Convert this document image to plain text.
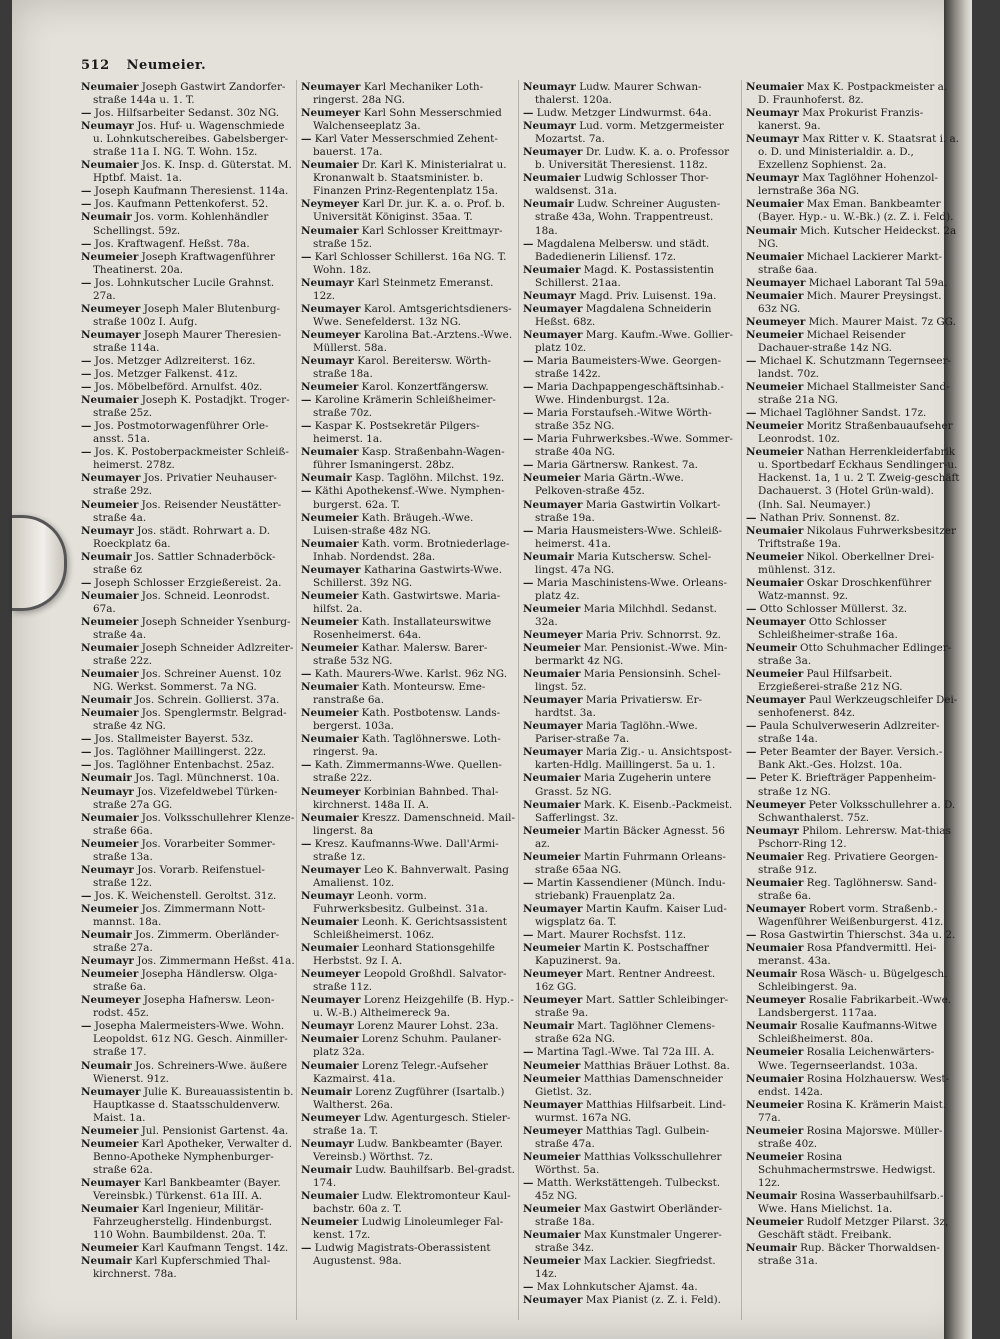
512 Neumeier.

Neumaier Joseph Gastwirt Zandorfer-straße 144a u. 1. T.

— Jos. Hilfsarbeiter Sedanst. 30z NG.

Neumayr Jos. Huf- u. Wagenschmiede u. Lohnkutschereibes. Gabelsberger-straße 11a I. NG. T. Wohn. 15z.

Neumaier Jos. K. Insp. d. Güterstat. M. Hptbf. Maist. 1a.

— Joseph Kaufmann Theresienst. 114a.

— Jos. Kaufmann Pettenkoferst. 52.

Neumair Jos. vorm. Kohlenhändler Schellingst. 59z.

— Jos. Kraftwagenf. Heßst. 78a.

Neumeier Joseph Kraftwagenführer Theatinerst. 20a.

— Jos. Lohnkutscher Lucile Grahnst. 27a.

Neumeyer Joseph Maler Blutenburg-straße 100z I. Aufg.

Neumayer Joseph Maurer Theresien-straße 114a.

— Jos. Metzger Adlzreiterst. 16z.

— Jos. Metzger Falkenst. 41z.

— Jos. Möbelbeförd. Arnulfst. 40z.

Neumaier Joseph K. Postadjkt. Troger-straße 25z.

— Jos. Postmotorwagenführer Orle-ansst. 51a.

— Jos. K. Postoberpackmeister Schleiß-heimerst. 278z.

Neumayer Jos. Privatier Neuhauser-straße 29z.

Neumeier Jos. Reisender Neustätter-straße 4a.

Neumayr Jos. städt. Rohrwart a. D. Roeckplatz 6a.

Neumair Jos. Sattler Schnaderböck-straße 6z

— Joseph Schlosser Erzgießereist. 2a.

Neumaier Jos. Schneid. Leonrodst. 67a.

Neumeier Joseph Schneider Ysenburg-straße 4a.

Neumaier Joseph Schneider Adlzreiter-straße 22z.

Neumaier Jos. Schreiner Auenst. 10z NG. Werkst. Sommerst. 7a NG.

Neumair Jos. Schrein. Gollierst. 37a.

Neumaier Jos. Spenglermstr. Belgrad-straße 4z NG.

— Jos. Stallmeister Bayerst. 53z.

— Jos. Taglöhner Maillingerst. 22z.

— Jos. Taglöhner Entenbachst. 25az.

Neumair Jos. Tagl. Münchnerst. 10a.

Neumayr Jos. Vizefeldwebel Türken-straße 27a GG.

Neumaier Jos. Volksschullehrer Klenze-straße 66a.

Neumeier Jos. Vorarbeiter Sommer-straße 13a.

Neumayr Jos. Vorarb. Reifenstuel-straße 12z.

— Jos. K. Weichenstell. Geroltst. 31z.

Neumeier Jos. Zimmermann Nott-mannst. 18a.

Neumair Jos. Zimmerm. Oberländer-straße 27a.

Neumayr Jos. Zimmermann Heßst. 41a.

Neumeier Josepha Händlersw. Olga-straße 6a.

Neumeyer Josepha Hafnersw. Leon-rodst. 45z.

— Josepha Malermeisters-Wwe. Wohn. Leopoldst. 61z NG. Gesch. Ainmiller-straße 17.

Neumair Jos. Schreiners-Wwe. äußere Wienerst. 91z.

Neumayer Julie K. Bureauassistentin b. Hauptkasse d. Staatsschuldenverw. Maist. 1a.

Neumeier Jul. Pensionist Gartenst. 4a.

Neumeier Karl Apotheker, Verwalter d. Benno-Apotheke Nymphenburger-straße 62a.

Neumayer Karl Bankbeamter (Bayer. Vereinsbk.) Türkenst. 61a III. A.

Neumaier Karl Ingenieur, Militär-Fahrzeugherstellg. Hindenburgst. 110 Wohn. Baumbildenst. 20a. T.

Neumeier Karl Kaufmann Tengst. 14z.

Neumair Karl Kupferschmied Thal-kirchnerst. 78a.

Neumayer Karl Mechaniker Loth-ringerst. 28a NG.

Neumeyer Karl Sohn Messerschmied Walchenseeplatz 3a.

— Karl Vater Messerschmied Zehent-bauerst. 17a.

Neumaier Dr. Karl K. Ministerialrat u. Kronanwalt b. Staatsminister. b. Finanzen Prinz-Regentenplatz 15a.

Neymeyer Karl Dr. jur. K. a. o. Prof. b. Universität Königinst. 35aa. T.

Neumaier Karl Schlosser Kreittmayr-straße 15z.

— Karl Schlosser Schillerst. 16a NG. T. Wohn. 18z.

Neumayr Karl Steinmetz Emeranst. 12z.

Neumayer Karol. Amtsgerichtsdieners-Wwe. Senefelderst. 13z NG.

Neumeyer Karolina Bat.-Arztens.-Wwe. Müllerst. 58a.

Neumayr Karol. Bereitersw. Wörth-straße 18a.

Neumeier Karol. Konzertfängersw.

— Karoline Krämerin Schleißheimer-straße 70z.

— Kaspar K. Postsekretär Pilgers-heimerst. 1a.

Neumaier Kasp. Straßenbahn-Wagen-führer Ismaningerst. 28bz.

Neumair Kasp. Taglöhn. Milchst. 19z.

— Käthi Apothekensf.-Wwe. Nymphen-burgerst. 62a. T.

Neumeier Kath. Bräugeh.-Wwe. Luisen-straße 48z NG.

Neumaier Kath. vorm. Brotniederlage-Inhab. Nordendst. 28a.

Neumayer Katharina Gastwirts-Wwe. Schillerst. 39z NG.

Neumeier Kath. Gastwirtswe. Maria-hilfst. 2a.

Neumeier Kath. Installateurswitwe Rosenheimerst. 64a.

Neumeier Kathar. Malersw. Barer-straße 53z NG.

— Kath. Maurers-Wwe. Karlst. 96z NG.

Neumaier Kath. Monteursw. Eme-ranstraße 6a.

Neumeier Kath. Postbotensw. Lands-bergerst. 103a.

Neumaier Kath. Taglöhnerswe. Loth-ringerst. 9a.

— Kath. Zimmermanns-Wwe. Quellen-straße 22z.

Neumeyer Korbinian Bahnbed. Thal-kirchnerst. 148a II. A.

Neumaier Kreszz. Damenschneid. Mail-lingerst. 8a

— Kresz. Kaufmanns-Wwe. Dall'Armi-straße 1z.

Neumayer Leo K. Bahnverwalt. Pasing Amalienst. 10z.

Neumayr Leonh. vorm. Fuhrwerksbesitz. Gulbeinst. 31a.

Neumaier Leonh. K. Gerichtsassistent Schleißheimerst. 106z.

Neumaier Leonhard Stationsgehilfe Herbstst. 9z I. A.

Neumeyer Leopold Großhdl. Salvator-straße 11z.

Neumayer Lorenz Heizgehilfe (B. Hyp.-u. W.-B.) Altheimereck 9a.

Neumayr Lorenz Maurer Lohst. 23a.

Neumaier Lorenz Schuhm. Paulaner-platz 32a.

Neumaier Lorenz Telegr.-Aufseher Kazmairst. 41a.

Neumair Lorenz Zugführer (Isartalb.) Waltherst. 26a.

Neumeyer Ldw. Agenturgesch. Stieler-straße 1a. T.

Neumayr Ludw. Bankbeamter (Bayer. Vereinsb.) Wörthst. 7z.

Neumair Ludw. Bauhilfsarb. Bel-gradst. 174.

Neumaier Ludw. Elektromonteur Kaul-bachstr. 60a z. T.

Neumeier Ludwig Linoleumleger Fal-kenst. 17z.

— Ludwig Magistrats-Oberassistent Augustenst. 98a.

Neumayr Ludw. Maurer Schwan-thalerst. 120a.

— Ludw. Metzger Lindwurmst. 64a.

Neumayr Lud. vorm. Metzgermeister Mozartst. 7a.

Neumayer Dr. Ludw. K. a. o. Professor b. Universität Theresienst. 118z.

Neumaier Ludwig Schlosser Thor-waldsenst. 31a.

Neumair Ludw. Schreiner Augusten-straße 43a, Wohn. Trappentreust. 18a.

— Magdalena Melbersw. und städt. Badedienerin Liliensf. 17z.

Neumaier Magd. K. Postassistentin Schillerst. 21aa.

Neumayr Magd. Priv. Luisenst. 19a.

Neumayer Magdalena Schneiderin Heßst. 68z.

Neumayer Marg. Kaufm.-Wwe. Gollier-platz 10z.

— Maria Baumeisters-Wwe. Georgen-straße 142z.

— Maria Dachpappengeschäftsinhab.-Wwe. Hindenburgst. 12a.

— Maria Forstaufseh.-Witwe Wörth-straße 35z NG.

— Maria Fuhrwerksbes.-Wwe. Sommer-straße 40a NG.

— Maria Gärtnersw. Rankest. 7a.

Neumeier Maria Gärtn.-Wwe. Pelkoven-straße 45z.

Neumayer Maria Gastwirtin Volkart-straße 19a.

— Maria Hausmeisters-Wwe. Schleiß-heimerst. 41a.

Neumair Maria Kutschersw. Schel-lingst. 47a NG.

— Maria Maschinistens-Wwe. Orleans-platz 4z.

Neumeier Maria Milchhdl. Sedanst. 32a.

Neumeyer Maria Priv. Schnorrst. 9z.

Neumeier Mar. Pensionist.-Wwe. Min-bermarkt 4z NG.

Neumaier Maria Pensionsinh. Schel-lingst. 5z.

Neumayer Maria Privatiersw. Er-hardtst. 3a.

Neumayer Maria Taglöhn.-Wwe. Pariser-straße 7a.

Neumayer Maria Zig.- u. Ansichtspost-karten-Hdlg. Maillingerst. 5a u. 1.

Neumaier Maria Zugeherin untere Grasst. 5z NG.

Neumaier Mark. K. Eisenb.-Packmeist. Safferlingst. 3z.

Neumeier Martin Bäcker Agnesst. 56 az.

Neumeier Martin Fuhrmann Orleans-straße 65aa NG.

— Martin Kassendiener (Münch. Indu-striebank) Frauenplatz 2a.

Neumayer Martin Kaufm. Kaiser Lud-wigsplatz 6a. T.

— Mart. Maurer Rochsfst. 11z.

Neumeier Martin K. Postschaffner Kapuzinerst. 9a.

Neumeyer Mart. Rentner Andreest. 16z GG.

Neumeyer Mart. Sattler Schleibinger-straße 9a.

Neumair Mart. Taglöhner Clemens-straße 62a NG.

— Martina Tagl.-Wwe. Tal 72a III. A.

Neumeier Matthias Bräuer Lothst. 8a.

Neumeier Matthias Damenschneider Gietlst. 3z.

Neumayer Matthias Hilfsarbeit. Lind-wurmst. 167a NG.

Neumeyer Matthias Tagl. Gulbein-straße 47a.

Neumeier Matthias Volksschullehrer Wörthst. 5a.

— Matth. Werkstättengeh. Tulbeckst. 45z NG.

Neumeier Max Gastwirt Oberländer-straße 18a.

Neumaier Max Kunstmaler Ungerer-straße 34z.

Neumeier Max Lackier. Siegfriedst. 14z.

— Max Lohnkutscher Ajamst. 4a.

Neumayer Max Pianist (z. Z. i. Feld).

Neumaier Max K. Postpackmeister a. D. Fraunhoferst. 8z.

Neumayr Max Prokurist Franzis-kanerst. 9a.

Neumayr Max Ritter v. K. Staatsrat i. a. o. D. und Ministerialdir. a. D., Exzellenz Sophienst. 2a.

Neumayr Max Taglöhner Hohenzol-lernstraße 36a NG.

Neumaier Max Eman. Bankbeamter (Bayer. Hyp.- u. W.-Bk.) (z. Z. i. Feld).

Neumair Mich. Kutscher Heideckst. 2a NG.

Neumaier Michael Lackierer Markt-straße 6aa.

Neumayer Michael Laborant Tal 59a.

Neumaier Mich. Maurer Preysingst. 63z NG.

Neumeyer Mich. Maurer Maist. 7z GG.

Neumeier Michael Reisender Dachauer-straße 14z NG.

— Michael K. Schutzmann Tegernseer-landst. 70z.

Neumeier Michael Stallmeister Sand-straße 21a NG.

— Michael Taglöhner Sandst. 17z.

Neumeier Moritz Straßenbauaufseher Leonrodst. 10z.

Neumeier Nathan Herrenkleiderfabrik u. Sportbedarf Eckhaus Sendlinger-u. Hackenst. 1a, 1 u. 2 T. Zweig-geschäft Dachauerst. 3 (Hotel Grün-wald). (Inh. Sal. Neumayer.)

— Nathan Priv. Sonnenst. 8z.

Neumaier Nikolaus Fuhrwerksbesitzer Triftstraße 19a.

Neumeier Nikol. Oberkellner Drei-mühlenst. 31z.

Neumaier Oskar Droschkenführer Watz-mannst. 9z.

— Otto Schlosser Müllerst. 3z.

Neumayer Otto Schlosser Schleißheimer-straße 16a.

Neumeir Otto Schuhmacher Edlinger-straße 3a.

Neumeier Paul Hilfsarbeit. Erzgießerei-straße 21z NG.

Neumayer Paul Werkzeugschleifer Dei-senhofenerst. 84z.

— Paula Schulverweserin Adlzreiter-straße 14a.

— Peter Beamter der Bayer. Versich.-Bank Akt.-Ges. Holzst. 10a.

— Peter K. Briefträger Pappenheim-straße 1z NG.

Neumeyer Peter Volksschullehrer a. D. Schwanthalerst. 75z.

Neumayr Philom. Lehrersw. Mat-thias Pschorr-Ring 12.

Neumaier Reg. Privatiere Georgen-straße 91z.

Neumaier Reg. Taglöhnersw. Sand-straße 6a.

Neumayer Robert vorm. Straßenb.-Wagenführer Weißenburgerst. 41z.

— Rosa Gastwirtin Thierschst. 34a u. 2.

Neumaier Rosa Pfandvermittl. Hei-meranst. 43a.

Neumair Rosa Wäsch- u. Bügelgesch. Schleibingerst. 9a.

Neumeyer Rosalie Fabrikarbeit.-Wwe. Landsbergerst. 117aa.

Neumair Rosalie Kaufmanns-Witwe Schleißheimerst. 80a.

Neumeier Rosalia Leichenwärters-Wwe. Tegernseerlandst. 103a.

Neumaier Rosina Holzhauersw. West-endst. 142a.

Neumeier Rosina K. Krämerin Maist. 77a.

Neumeier Rosina Majorswe. Müller-straße 40z.

Neumeier Rosina Schuhmachermstrswe. Hedwigst. 12z.

Neumair Rosina Wasserbauhilfsarb.-Wwe. Hans Mielichst. 1a.

Neumeier Rudolf Metzger Pilarst. 3z, Geschäft städt. Freibank.

Neumair Rup. Bäcker Thorwaldsen-straße 31a.
